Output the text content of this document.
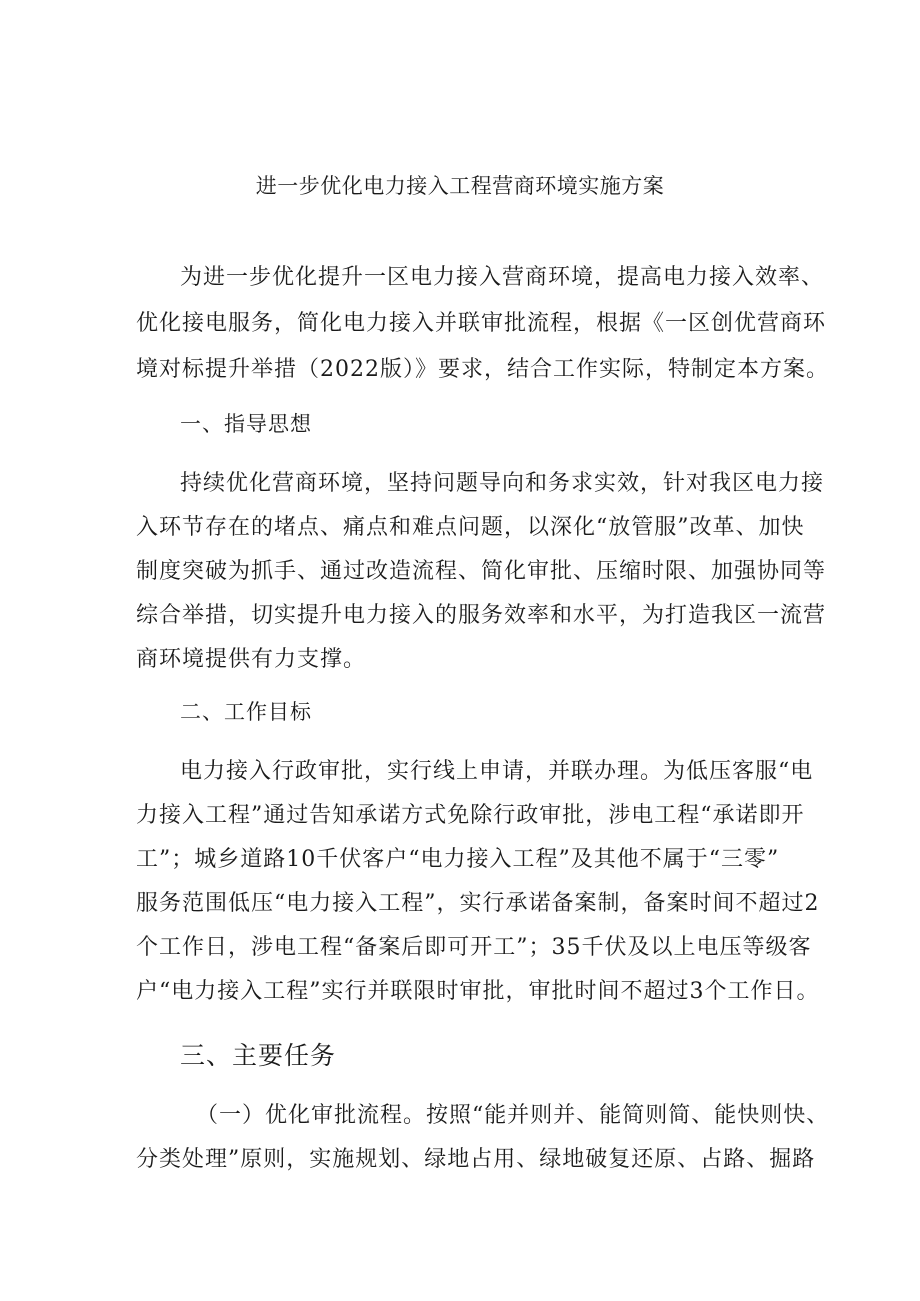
进一步优化电力接入工程营商环境实施方案
为进一步优化提升一区电力接入营商环境，提高电力接入效率、
优化接电服务，简化电力接入并联审批流程，根据《一区创优营商环
境对标提升举措（2022版）》要求，结合工作实际，特制定本方案。
一、指导思想
持续优化营商环境，坚持问题导向和务求实效，针对我区电力接
入环节存在的堵点、痛点和难点问题，以深化“放管服”改革、加快
制度突破为抓手、通过改造流程、简化审批、压缩时限、加强协同等
综合举措，切实提升电力接入的服务效率和水平，为打造我区一流营
商环境提供有力支撑。
二、工作目标
电力接入行政审批，实行线上申请，并联办理。为低压客服“电
力接入工程”通过告知承诺方式免除行政审批，涉电工程“承诺即开
工”；城乡道路10千伏客户“电力接入工程”及其他不属于“三零”
服务范围低压“电力接入工程”，实行承诺备案制，备案时间不超过2
个工作日，涉电工程“备案后即可开工”；35千伏及以上电压等级客
户“电力接入工程”实行并联限时审批，审批时间不超过3个工作日。
三、主要任务
（一）优化审批流程。按照“能并则并、能简则简、能快则快、
分类处理”原则，实施规划、绿地占用、绿地破复还原、占路、掘路
